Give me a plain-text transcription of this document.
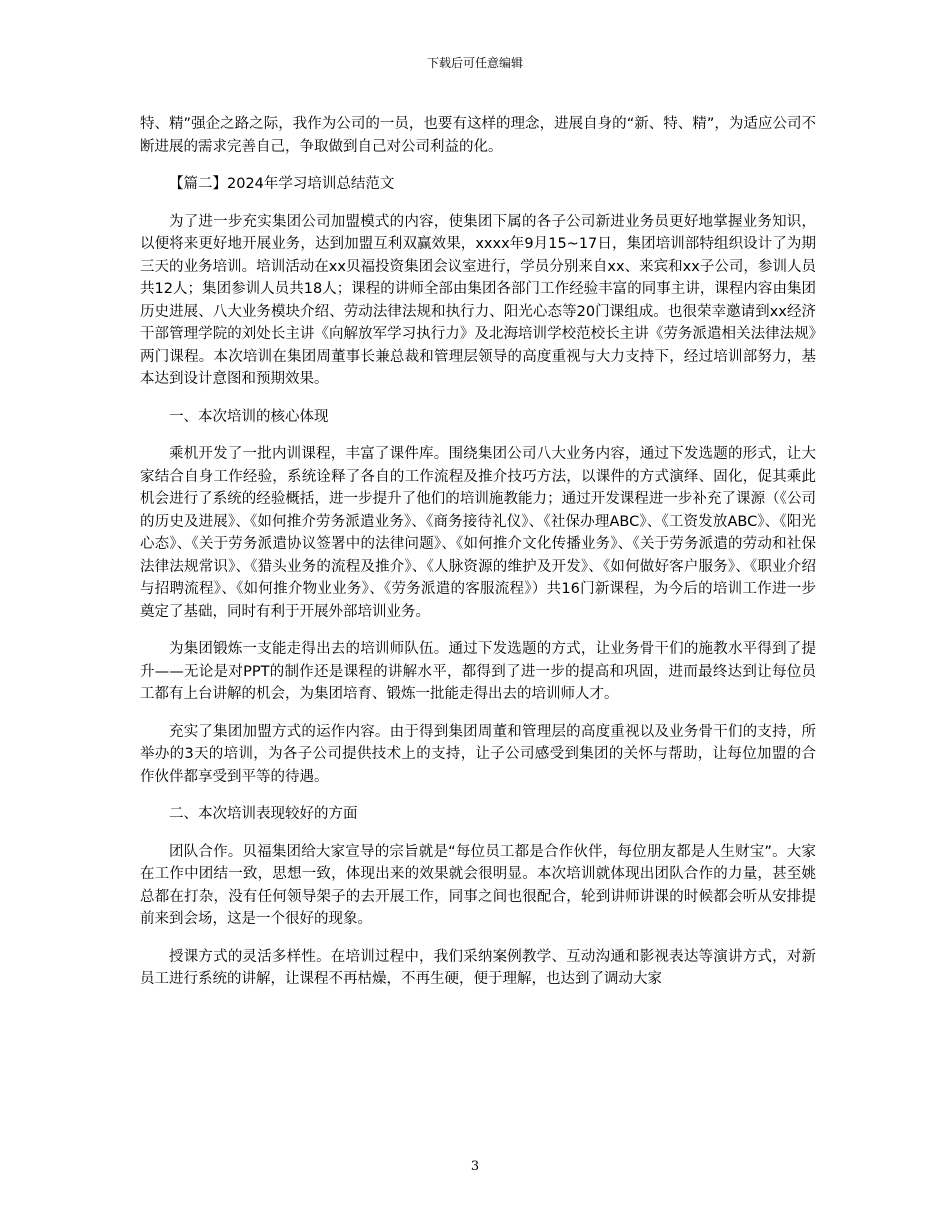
下载后可任意编辑

特、精”强企之路之际，我作为公司的一员，也要有这样的理念，进展自身的“新、特、精”，为适应公司不断进展的需求完善自己，争取做到自己对公司利益的化。

【篇二】2024年学习培训总结范文

为了进一步充实集团公司加盟模式的内容，使集团下属的各子公司新进业务员更好地掌握业务知识，以便将来更好地开展业务，达到加盟互利双赢效果，xxxx年9月15~17日，集团培训部特组织设计了为期三天的业务培训。培训活动在xx贝福投资集团会议室进行，学员分别来自xx、来宾和xx子公司，参训人员共12人；集团参训人员共18人；课程的讲师全部由集团各部门工作经验丰富的同事主讲，课程内容由集团历史进展、八大业务模块介绍、劳动法律法规和执行力、阳光心态等20门课组成。也很荣幸邀请到xx经济干部管理学院的刘处长主讲《向解放军学习执行力》及北海培训学校范校长主讲《劳务派遣相关法律法规》两门课程。本次培训在集团周董事长兼总裁和管理层领导的高度重视与大力支持下，经过培训部努力，基本达到设计意图和预期效果。

一、本次培训的核心体现

乘机开发了一批内训课程，丰富了课件库。围绕集团公司八大业务内容，通过下发选题的形式，让大家结合自身工作经验，系统诠释了各自的工作流程及推介技巧方法，以课件的方式演绎、固化，促其乘此机会进行了系统的经验概括，进一步提升了他们的培训施教能力；通过开发课程进一步补充了课源（《公司的历史及进展》、《如何推介劳务派遣业务》、《商务接待礼仪》、《社保办理ABC》、《工资发放ABC》、《阳光心态》、《关于劳务派遣协议签署中的法律问题》、《如何推介文化传播业务》、《关于劳务派遣的劳动和社保法律法规常识》、《猎头业务的流程及推介》、《人脉资源的维护及开发》、《如何做好客户服务》、《职业介绍与招聘流程》、《如何推介物业业务》、《劳务派遣的客服流程》）共16门新课程，为今后的培训工作进一步奠定了基础，同时有利于开展外部培训业务。

为集团锻炼一支能走得出去的培训师队伍。通过下发选题的方式，让业务骨干们的施教水平得到了提升——无论是对PPT的制作还是课程的讲解水平，都得到了进一步的提高和巩固，进而最终达到让每位员工都有上台讲解的机会，为集团培育、锻炼一批能走得出去的培训师人才。

充实了集团加盟方式的运作内容。由于得到集团周董和管理层的高度重视以及业务骨干们的支持，所举办的3天的培训，为各子公司提供技术上的支持，让子公司感受到集团的关怀与帮助，让每位加盟的合作伙伴都享受到平等的待遇。

二、本次培训表现较好的方面

团队合作。贝福集团给大家宣导的宗旨就是“每位员工都是合作伙伴，每位朋友都是人生财宝”。大家在工作中团结一致，思想一致，体现出来的效果就会很明显。本次培训就体现出团队合作的力量，甚至姚总都在打杂，没有任何领导架子的去开展工作，同事之间也很配合，轮到讲师讲课的时候都会听从安排提前来到会场，这是一个很好的现象。

授课方式的灵活多样性。在培训过程中，我们采纳案例教学、互动沟通和影视表达等演讲方式，对新员工进行系统的讲解，让课程不再枯燥，不再生硬，便于理解，也达到了调动大家

3
